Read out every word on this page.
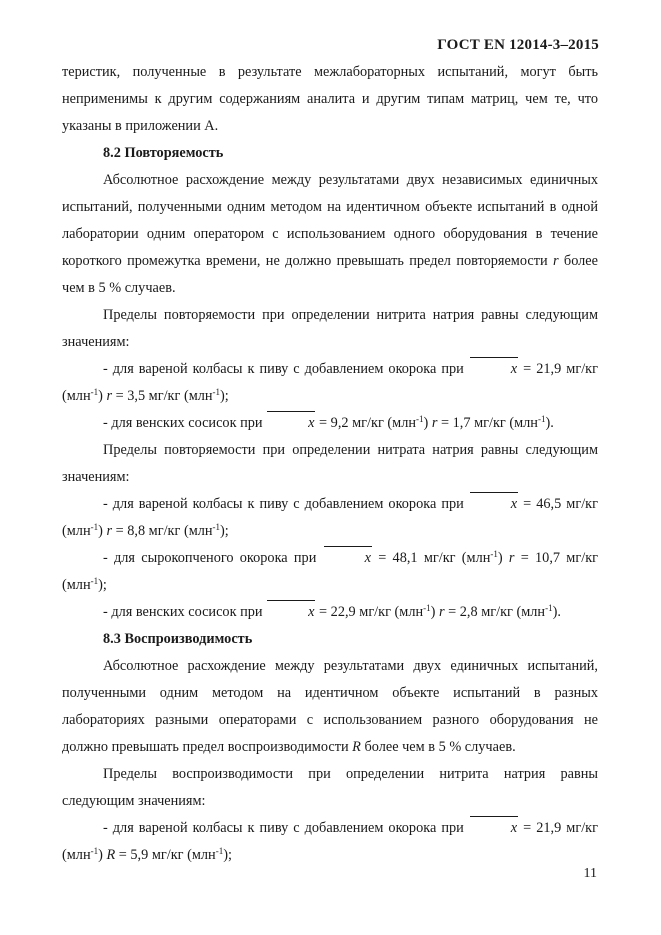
ГОСТ EN 12014-3–2015

теристик, полученные в результате межлабораторных испытаний, могут быть неприменимы к другим содержаниям аналита и другим типам матриц, чем те, что указаны в приложении А.

8.2 Повторяемость

Абсолютное расхождение между результатами двух независимых единичных испытаний, полученными одним методом на идентичном объекте испытаний в одной лаборатории одним оператором с использованием одного оборудования в течение короткого промежутка времени, не должно превышать предел повторяемости r более чем в 5 % случаев.

Пределы повторяемости при определении нитрита натрия равны следующим значениям:

- для вареной колбасы к пиву с добавлением окорока при	x = 21,9 мг/кг (млн$^{-1}$) r = 3,5 мг/кг (млн$^{-1}$);

- для венских сосисок при	x = 9,2 мг/кг (млн$^{-1}$) r = 1,7 мг/кг (млн$^{-1}$).

Пределы повторяемости при определении нитрата натрия равны следующим значениям:

- для вареной колбасы к пиву с добавлением окорока при	x = 46,5 мг/кг (млн$^{-1}$) r = 8,8 мг/кг (млн$^{-1}$);

- для сырокопченого окорока при	x = 48,1 мг/кг (млн$^{-1}$) r = 10,7 мг/кг (млн$^{-1}$);

- для венских сосисок при	x = 22,9 мг/кг (млн$^{-1}$) r = 2,8 мг/кг (млн$^{-1}$).

8.3 Воспроизводимость

Абсолютное расхождение между результатами двух единичных испытаний, полученными одним методом на идентичном объекте испытаний в разных лабораториях разными операторами с использованием разного оборудования не должно превышать предел воспроизводимости R более чем в 5 % случаев.

Пределы воспроизводимости при определении нитрита натрия равны следующим значениям:

- для вареной колбасы к пиву с добавлением окорока при	x = 21,9 мг/кг (млн$^{-1}$) R = 5,9 мг/кг (млн$^{-1}$);

11
